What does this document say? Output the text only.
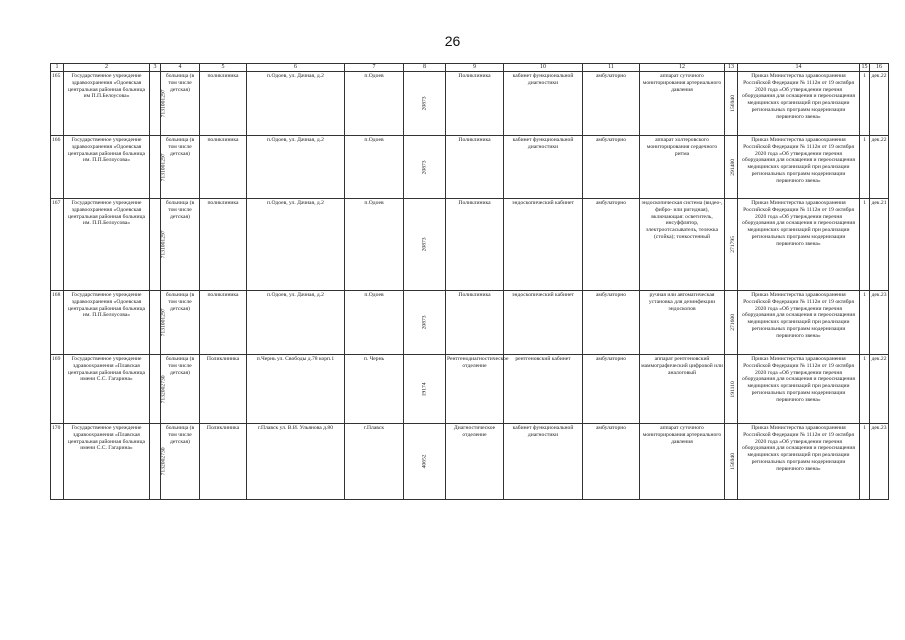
26
1	2	3	4	5	6	7	8	9	10	11	12	13	14	15	16
165	Государственное учреждение здравоохранения «Одоевская центральная районная больница им П.П.Белоусова»	7131001297	больница (в том числе детская)	поликлиника	п.Одоев, ул. Дачная, д.2	п.Одоев	20873	Поликлиника	кабинет функциональной диагностики	амбулаторно	аппарат суточного мониторирования артериального давления	156940	Приказ Министерства здравоохранения Российской Федерации № 1112н от 19 октября 2020 года «Об утверждении перечня оборудования для оснащения и переоснащения медицинских организаций при реализации региональных программ модернизации первичного звена»	1	дек.22
166	Государственное учреждение здравоохранения «Одоевская центральная районная больница им. П.П.Белоусова»	7131001297	больница (в том числе детская)	поликлиника	п.Одоев, ул. Дачная, д.2	п.Одоев	20873	Поликлиника	кабинет функциональной диагностики	амбулаторно	аппарат холтеровского мониторирования сердечного ритма	291480	Приказ Министерства здравоохранения Российской Федерации № 1112н от 19 октября 2020 года «Об утверждении перечня оборудования для оснащения и переоснащения медицинских организаций при реализации региональных программ модернизации первичного звена»	1	дек.22
167	Государственное учреждение здравоохранения «Одоевская центральная районная больница им. П.П.Белоусова»	7131001297	больница (в том числе детская)	поликлиника	п.Одоев, ул. Дачная, д.2	п.Одоев	20873	Поликлиника	эндоскопический кабинет	амбулаторно	эндоскопическая система (видео-, фибро- или ригидная), включающая: осветитель, инсуффлятор, электроотсасыватель, тележка (стойка); тонкостенный	271795	Приказ Министерства здравоохранения Российской Федерации № 1112н от 19 октября 2020 года «Об утверждении перечня оборудования для оснащения и переоснащения медицинских организаций при реализации региональных программ модернизации первичного звена»	1	дек.21
168	Государственное учреждение здравоохранения «Одоевская центральная районная больница им. П.П.Белоусова»	7131001297	больница (в том числе детская)	поликлиника	п.Одоев, ул. Дачная, д.2	п.Одоев	20873	Поликлиника	эндоскопический кабинет	амбулаторно	ручная или автоматическая установка для дезинфекции эндоскопов	271600	Приказ Министерства здравоохранения Российской Федерации № 1112н от 19 октября 2020 года «Об утверждении перечня оборудования для оснащения и переоснащения медицинских организаций при реализации региональных программ модернизации первичного звена»	1	дек.23
169	Государственное учреждение здравоохранения «Плавская центральная районная больница имени С.С. Гагарина»	7132002730	больница (в том числе детская)	Поликлиника	п.Чернь ул. Свободы д.78 корп.1	п. Чернь	19174	Рентгенодиагностическое отделение	рентгеновский кабинет	амбулаторно	аппарат рентгеновский маммографический цифровой или аналоговый	191110	Приказ Министерства здравоохранения Российской Федерации № 1112н от 19 октября 2020 года «Об утверждении перечня оборудования для оснащения и переоснащения медицинских организаций при реализации региональных программ модернизации первичного звена»	1	дек.22
170	Государственное учреждение здравоохранения «Плавская центральная районная больница имени С.С. Гагарина»	7132002730	больница (в том числе детская)	Поликлиника	г.Плавск ул. В.И. Ульянова д.80	г.Плавск	40652	Диагностическое отделение	кабинет функциональной диагностики	амбулаторно	аппарат суточного мониторирования артериального давления	156940	Приказ Министерства здравоохранения Российской Федерации № 1112н от 19 октября 2020 года «Об утверждении перечня оборудования для оснащения и переоснащения медицинских организаций при реализации региональных программ модернизации первичного звена»	1	дек.23
